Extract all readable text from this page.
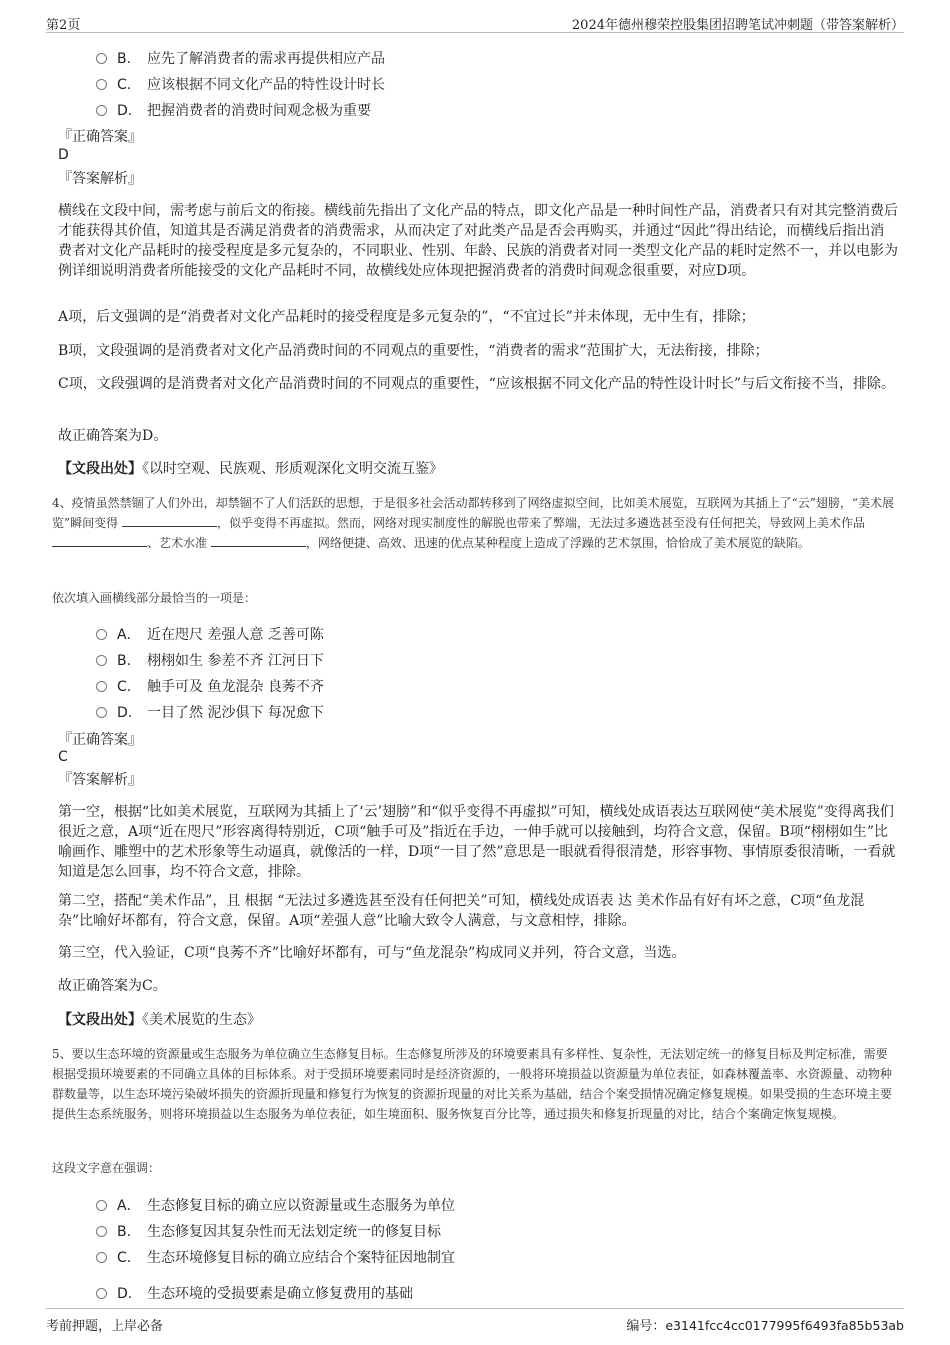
第2页	2024年德州穆荣控股集团招聘笔试冲刺题（带答案解析）
B. 应先了解消费者的需求再提供相应产品
C. 应该根据不同文化产品的特性设计时长
D. 把握消费者的消费时间观念极为重要
『正确答案』
D
『答案解析』
横线在文段中间，需考虑与前后文的衔接。横线前先指出了文化产品的特点，即文化产品是一种时间性产品，消费者只有对其完整消费后才能获得其价值，知道其是否满足消费者的消费需求，从而决定了对此类产品是否会再购买，并通过“因此”得出结论，而横线后指出消费者对文化产品耗时的接受程度是多元复杂的，不同职业、性别、年龄、民族的消费者对同一类型文化产品的耗时定然不一，并以电影为例详细说明消费者所能接受的文化产品耗时不同，故横线处应体现把握消费者的消费时间观念很重要，对应D项。
A项，后文强调的是“消费者对文化产品耗时的接受程度是多元复杂的”，“不宜过长”并未体现，无中生有，排除；
B项，文段强调的是消费者对文化产品消费时间的不同观点的重要性，“消费者的需求”范围扩大，无法衔接，排除；
C项，文段强调的是消费者对文化产品消费时间的不同观点的重要性，“应该根据不同文化产品的特性设计时长”与后文衔接不当，排除。
故正确答案为D。
【文段出处】《以时空观、民族观、形质观深化文明交流互鉴》
4、疫情虽然禁锢了人们外出，却禁锢不了人们活跃的思想，于是很多社会活动都转移到了网络虚拟空间，比如美术展览，互联网为其插上了“云”翅膀，“美术展览”瞬间变得	，似乎变得不再虚拟。然而，网络对现实制度性的解脱也带来了弊端，无法过多遴选甚至没有任何把关，导致网上美术作品 、艺术水准	，网络便捷、高效、迅速的优点某种程度上造成了浮躁的艺术氛围，恰恰成了美术展览的缺陷。
依次填入画横线部分最恰当的一项是：
A． 近在咫尺 差强人意 乏善可陈
B. 栩栩如生 参差不齐 江河日下
C. 触手可及 鱼龙混杂 良莠不齐
D. 一目了然 泥沙俱下 每况愈下
『正确答案』
C
『答案解析』
第一空，根据“比如美术展览，互联网为其插上了‘云’翅膀”和“似乎变得不再虚拟”可知，横线处成语表达互联网使“美术展览”变得离我们很近之意，A项“近在咫尺”形容离得特别近，C项“触手可及”指近在手边，一伸手就可以接触到，均符合文意，保留。B项“栩栩如生”比喻画作、雕塑中的艺术形象等生动逼真，就像活的一样，D项“一目了然”意思是一眼就看得很清楚，形容事物、事情原委很清晰，一看就知道是怎么回事，均不符合文意，排除。
第二空，搭配“美术作品”，且 根据 “无法过多遴选甚至没有任何把关”可知，横线处成语表 达 美术作品有好有坏之意，C项“鱼龙混杂”比喻好坏都有，符合文意，保留。A项“差强人意”比喻大致令人满意，与文意相悖，排除。
第三空，代入验证，C项“良莠不齐”比喻好坏都有，可与“鱼龙混杂”构成同义并列，符合文意，当选。
故正确答案为C。
【文段出处】《美术展览的生态》
5、要以生态环境的资源量或生态服务为单位确立生态修复目标。生态修复所涉及的环境要素具有多样性、复杂性，无法划定统一的修复目标及判定标准，需要根据受损环境要素的不同确立具体的目标体系。对于受损环境要素同时是经济资源的，一般将环境损益以资源量为单位表征，如森林覆盖率、水资源量、动物种群数量等，以生态环境污染破坏损失的资源折现量和修复行为恢复的资源折现量的对比关系为基础，结合个案受损情况确定修复规模。如果受损的生态环境主要提供生态系统服务，则将环境损益以生态服务为单位表征，如生境面积、服务恢复百分比等，通过损失和修复折现量的对比，结合个案确定恢复规模。
这段文字意在强调：
A． 生态修复目标的确立应以资源量或生态服务为单位
B. 生态修复因其复杂性而无法划定统一的修复目标
C. 生态环境修复目标的确立应结合个案特征因地制宜
D. 生态环境的受损要素是确立修复费用的基础
考前押题，上岸必备	编号：e3141fcc4cc0177995f6493fa85b53ab
